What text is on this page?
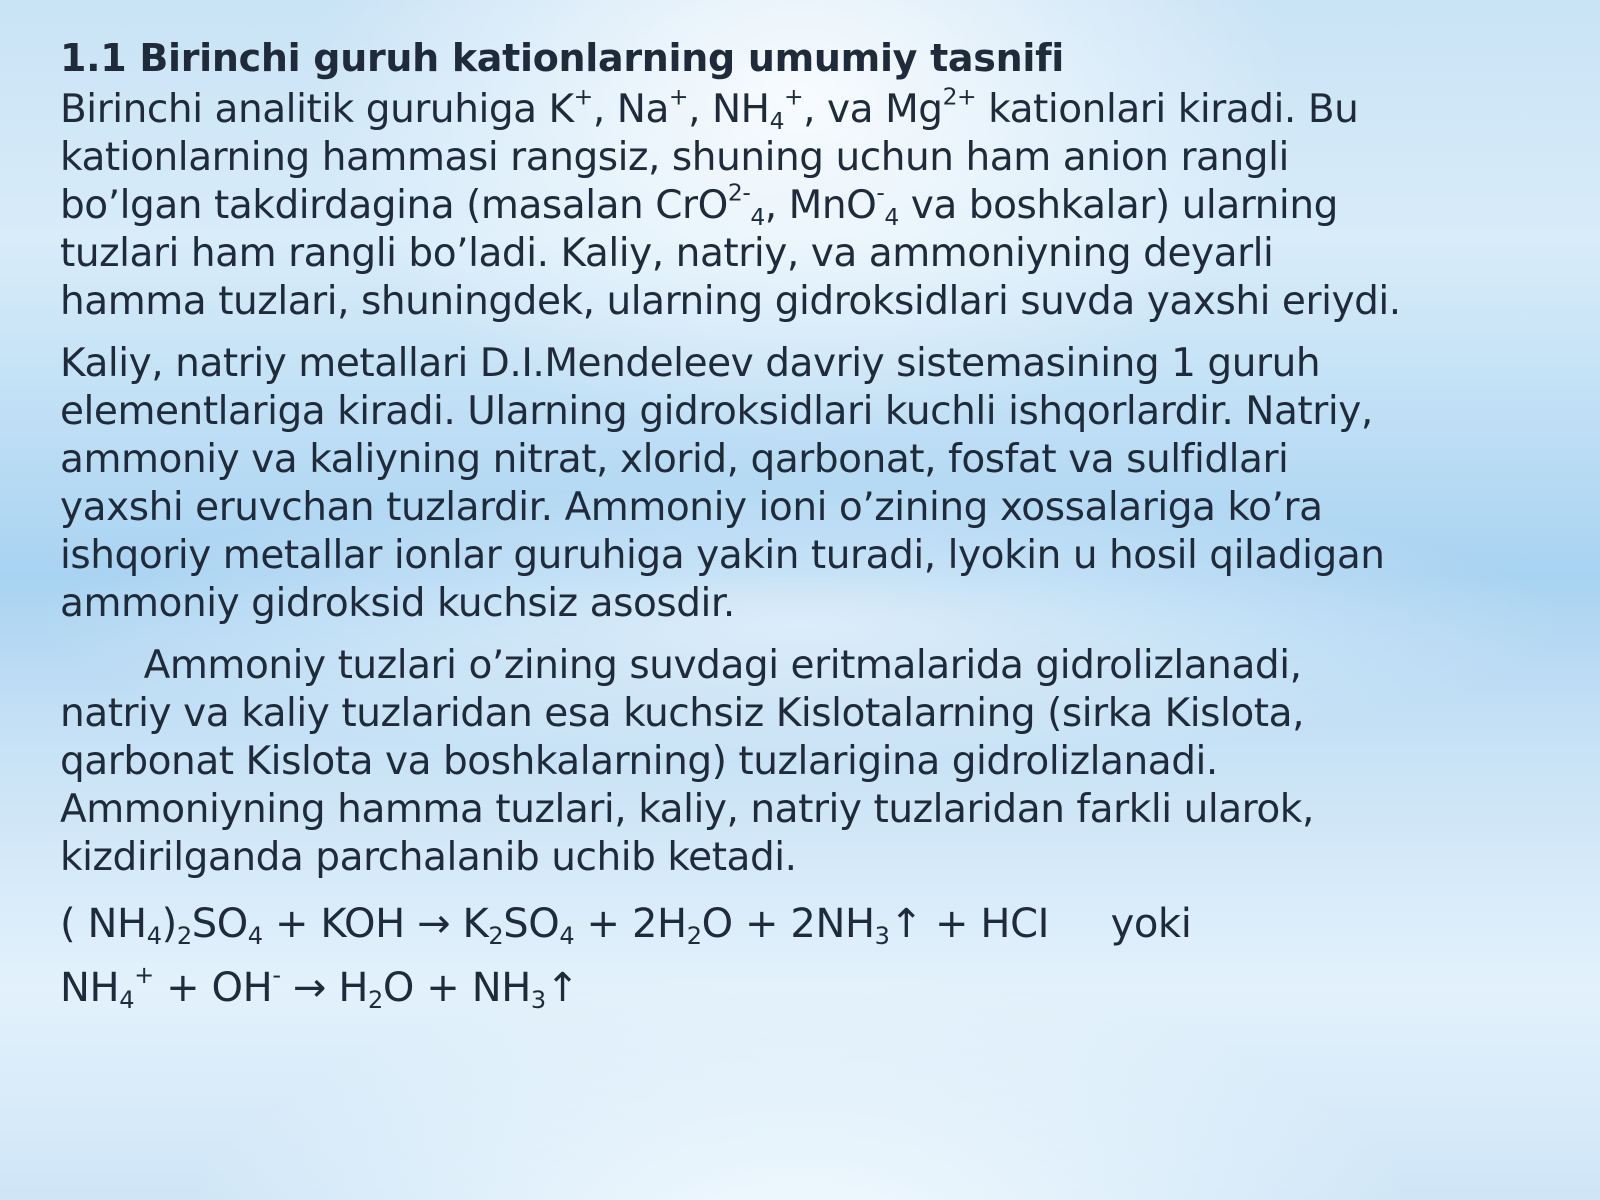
1.1 Birinchi guruh kationlarning umumiy tasnifi
Birinchi analitik guruhiga K+, Na+, $NH_4^+$, va $Mg^{2+}$ kationlari kiradi. Bu
kationlarning hammasi rangsiz, shuning uchun ham anion rangli
bo’lgan takdirdagina (masalan CrO$^{2-}_4$, MnO-$_4$ va boshkalar) ularning
tuzlari ham rangli bo’ladi. Kaliy, natriy, va ammoniyning deyarli
hamma tuzlari, shuningdek, ularning gidroksidlari suvda yaxshi eriydi.
Kaliy, natriy metallari D.I.Mendeleev davriy sistemasining 1 guruh
elementlariga kiradi. Ularning gidroksidlari kuchli ishqorlardir. Natriy,
ammoniy va kaliyning nitrat, xlorid, qarbonat, fosfat va sulfidlari
yaxshi eruvchan tuzlardir. Ammoniy ioni o’zining xossalariga ko’ra
ishqoriy metallar ionlar guruhiga yakin turadi, lyokin u hosil qiladigan
ammoniy gidroksid kuchsiz asosdir.
Ammoniy tuzlari o’zining suvdagi eritmalarida gidrolizlanadi,
natriy va kaliy tuzlaridan esa kuchsiz Kislotalarning (sirka Kislota,
qarbonat Kislota va boshkalarning) tuzlarigina gidrolizlanadi.
Ammoniyning hamma tuzlari, kaliy, natriy tuzlaridan farkli ularok,
kizdirilganda parchalanib uchib ketadi.
( $NH_4)_2SO_4$ + KOH → $K_2SO_4 + 2H_2O$ + $2NH_3↑$ + HCI     yoki
$NH_4^+ + OH^- \to H_2O$ + $NH_3↑$
